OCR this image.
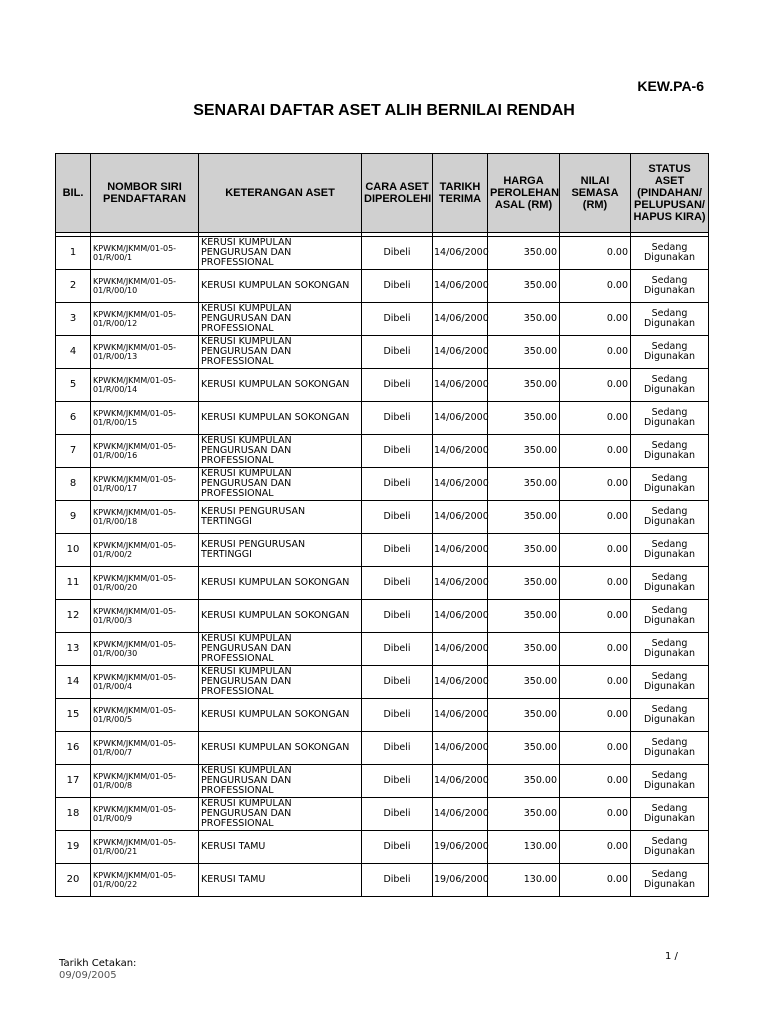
KEW.PA-6
SENARAI DAFTAR ASET ALIH BERNILAI RENDAH
BIL.	NOMBOR SIRI PENDAFTARAN	KETERANGAN ASET	CARA ASET DIPEROLEHI	TARIKH TERIMA	HARGA PEROLEHAN ASAL (RM)	NILAI SEMASA (RM)	STATUS ASET (PINDAHAN/ PELUPUSAN/ HAPUS KIRA)

1	KPWKM/JKMM/01-05-01/R/00/1	KERUSI KUMPULAN PENGURUSAN DAN PROFESSIONAL	Dibeli	14/06/2000	350.00	0.00	Sedang Digunakan
2	KPWKM/JKMM/01-05-01/R/00/10	KERUSI KUMPULAN SOKONGAN	Dibeli	14/06/2000	350.00	0.00	Sedang Digunakan
3	KPWKM/JKMM/01-05-01/R/00/12	KERUSI KUMPULAN PENGURUSAN DAN PROFESSIONAL	Dibeli	14/06/2000	350.00	0.00	Sedang Digunakan
4	KPWKM/JKMM/01-05-01/R/00/13	KERUSI KUMPULAN PENGURUSAN DAN PROFESSIONAL	Dibeli	14/06/2000	350.00	0.00	Sedang Digunakan
5	KPWKM/JKMM/01-05-01/R/00/14	KERUSI KUMPULAN SOKONGAN	Dibeli	14/06/2000	350.00	0.00	Sedang Digunakan
6	KPWKM/JKMM/01-05-01/R/00/15	KERUSI KUMPULAN SOKONGAN	Dibeli	14/06/2000	350.00	0.00	Sedang Digunakan
7	KPWKM/JKMM/01-05-01/R/00/16	KERUSI KUMPULAN PENGURUSAN DAN PROFESSIONAL	Dibeli	14/06/2000	350.00	0.00	Sedang Digunakan
8	KPWKM/JKMM/01-05-01/R/00/17	KERUSI KUMPULAN PENGURUSAN DAN PROFESSIONAL	Dibeli	14/06/2000	350.00	0.00	Sedang Digunakan
9	KPWKM/JKMM/01-05-01/R/00/18	KERUSI PENGURUSAN TERTINGGI	Dibeli	14/06/2000	350.00	0.00	Sedang Digunakan
10	KPWKM/JKMM/01-05-01/R/00/2	KERUSI PENGURUSAN TERTINGGI	Dibeli	14/06/2000	350.00	0.00	Sedang Digunakan
11	KPWKM/JKMM/01-05-01/R/00/20	KERUSI KUMPULAN SOKONGAN	Dibeli	14/06/2000	350.00	0.00	Sedang Digunakan
12	KPWKM/JKMM/01-05-01/R/00/3	KERUSI KUMPULAN SOKONGAN	Dibeli	14/06/2000	350.00	0.00	Sedang Digunakan
13	KPWKM/JKMM/01-05-01/R/00/30	KERUSI KUMPULAN PENGURUSAN DAN PROFESSIONAL	Dibeli	14/06/2000	350.00	0.00	Sedang Digunakan
14	KPWKM/JKMM/01-05-01/R/00/4	KERUSI KUMPULAN PENGURUSAN DAN PROFESSIONAL	Dibeli	14/06/2000	350.00	0.00	Sedang Digunakan
15	KPWKM/JKMM/01-05-01/R/00/5	KERUSI KUMPULAN SOKONGAN	Dibeli	14/06/2000	350.00	0.00	Sedang Digunakan
16	KPWKM/JKMM/01-05-01/R/00/7	KERUSI KUMPULAN SOKONGAN	Dibeli	14/06/2000	350.00	0.00	Sedang Digunakan
17	KPWKM/JKMM/01-05-01/R/00/8	KERUSI KUMPULAN PENGURUSAN DAN PROFESSIONAL	Dibeli	14/06/2000	350.00	0.00	Sedang Digunakan
18	KPWKM/JKMM/01-05-01/R/00/9	KERUSI KUMPULAN PENGURUSAN DAN PROFESSIONAL	Dibeli	14/06/2000	350.00	0.00	Sedang Digunakan
19	KPWKM/JKMM/01-05-01/R/00/21	KERUSI TAMU	Dibeli	19/06/2000	130.00	0.00	Sedang Digunakan
20	KPWKM/JKMM/01-05-01/R/00/22	KERUSI TAMU	Dibeli	19/06/2000	130.00	0.00	Sedang Digunakan
1 /
Tarikh Cetakan:
09/09/2005
